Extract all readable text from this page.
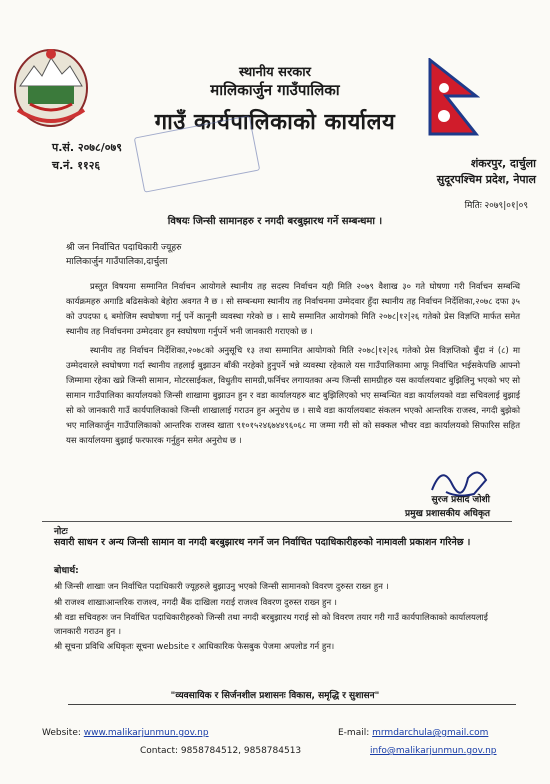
स्थानीय सरकार
मालिकार्जुन गाउँपालिका
गाउँ कार्यपालिकाको कार्यालय
प.सं. २०७८/०७९
च.नं. ११२६	शंकरपुर, दार्चुला
सुदूरपश्चिम प्रदेश, नेपाल
मितिः २०७९|०१|०९
विषयः जिन्सी सामानहरु र नगदी बरबुझारथ गर्ने सम्बन्धमा ।
श्री जन निर्वाचित पदाधिकारी ज्यूहरु
मालिकार्जुन गाउँपालिका,दार्चुला

प्रस्तुत विषयमा सम्मानित निर्वाचन आयोगले स्थानीय तह सदस्य निर्वाचन यही मिति २०७९ वैशाख ३० गते घोषणा गरी निर्वाचन सम्बन्धि कार्यक्रमहरु अगाडि बढिसकेको बेहोरा अवगत नै छ । सो सम्बन्धमा स्थानीय तह निर्वाचनमा उम्मेदवार हुँदा स्थानीय तह निर्वाचन निर्देशिका,२०७८ दफा ३५ को उपदफा ६ बमोजिम स्वघोषणा गर्नु पर्ने कानूनी व्यवस्था गरेको छ । साथै सम्मानित आयोगको मिति २०७८|१२|२६ गतेको प्रेस विज्ञप्ति मार्फत समेत स्थानीय तह निर्वाचनमा उम्मेदवार हुन स्वघोषणा गर्नुपर्ने भनी जानकारी गराएको छ ।

स्थानीय तह निर्वाचन निर्देशिका,२०७८को अनुसूचि १३ तथा सम्मानित आयोगको मिति २०७८|१२|२६ गतेको प्रेस विज्ञप्तिको बुँदा नं (८) मा उम्मेदवारले स्वघोषणा गर्दा स्थानीय तहलाई बुझाउन बाँकी नरहेको हुनुपर्ने भन्ने व्यवस्था रहेकाले यस गाउँपालिकामा आफू निर्वाचित भईसकेपछि आफ्नो जिम्मामा रहेका खप्ने जिन्सी सामान, मोटरसाईकल, विधुतीय सामग्री,फर्निचर लगायतका अन्य जिन्सी सामग्रीहरु यस कार्यालयबाट बुझिलिनु भएको भए सो सामान गाउँपालिका कार्यालयको जिन्सी शाखामा बुझाउन हुन र वडा कार्यालयहरु बाट बुझिलिएको भए सम्बन्धित वडा कार्यालयको वडा सचिवलाई बुझाई सो को जानकारी गाउँ कार्यपालिकाको जिन्सी शाखालाई गराउन हुन अनुरोध छ । साथै वडा कार्यालयबाट संकलन भएको आन्तरिक राजस्व, नगदी बुझेको भए मालिकार्जुन गाउँपालिकाको आन्तरिक राजस्व खाता ९१०१५२४६७४४९६०६८ मा जम्मा गरी सो को सक्कल भौचर वडा कार्यालयको सिफारिस सहित यस कार्यालयमा बुझाई फरफारक गर्नुहुन समेत अनुरोध छ ।

सुरज प्रसाद जोशी
प्रमुख प्रशासकीय अधिकृत
नोटः
सवारी साधन र अन्य जिन्सी सामान वा नगदी बरबुझारथ नगर्ने जन निर्वाचित पदाधिकारीहरुको नामावली प्रकाशन गरिनेछ ।
बोधार्थ:
श्री जिन्सी शाखाः जन निर्वाचित पदाधिकारी ज्यूहरुले बुझाउनु भएको जिन्सी सामानको विवरण दुरुस्त राख्न हुन ।
श्री राजश्व शाखाःआन्तरिक राजश्व, नगदी बैंक दाखिला गराई राजश्व विवरण दुरुस्त राख्न हुन ।
श्री वडा सचिवहरुः जन निर्वाचित पदाधिकारीहरुको जिन्सी तथा नगदी बरबुझारथ गराई सो को विवरण तयार गरी गाउँ कार्यपालिकाको कार्यालयलाई जानकारी गराउन हुन ।
श्री सूचना प्रविधि अधिकृतः सूचना website र आधिकारिक फेसबुक पेजमा अपलोड गर्न हुन।
"व्यवसायिक र सिर्जनशील प्रशासनः विकास, समृद्धि र सुशासन"
Website: www.malikarjunmun.gov.np	E-mail: mrmdarchula@gmail.com
Contact: 9858784512, 9858784513	info@malikarjunmun.gov.np
